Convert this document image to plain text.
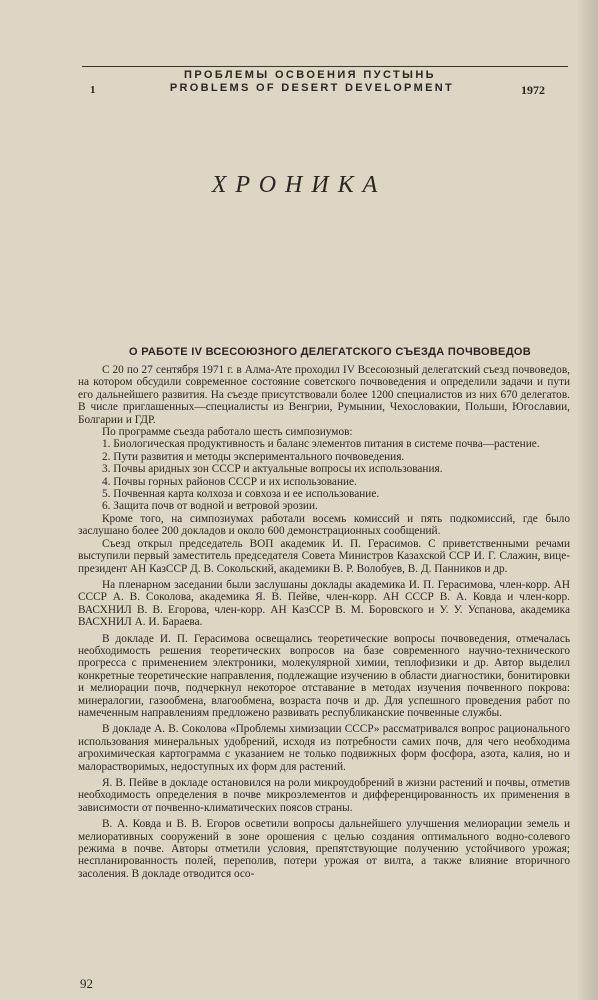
1
ПРОБЛЕМЫ ОСВОЕНИЯ ПУСТЫНЬ
PROBLEMS OF DESERT DEVELOPMENT	1972
ХРОНИКА
О РАБОТЕ IV ВСЕСОЮЗНОГО ДЕЛЕГАТСКОГО СЪЕЗДА ПОЧВОВЕДОВ

С 20 по 27 сентября 1971 г. в Алма-Ате проходил IV Всесоюзный делегатский съезд почвоведов, на котором обсудили современное состояние советского почвоведения и определили задачи и пути его дальнейшего развития. На съезде присутствовали более 1200 специалистов из них 670 делегатов. В числе приглашенных—специалисты из Венгрии, Румынии, Чехословакии, Польши, Югославии, Болгарии и ГДР.

По программе съезда работало шесть симпозиумов:

1. Биологическая продуктивность и баланс элементов питания в системе почва—растение.

2. Пути развития и методы экспериментального почвоведения.

3. Почвы аридных зон СССР и актуальные вопросы их использования.

4. Почвы горных районов СССР и их использование.

5. Почвенная карта колхоза и совхоза и ее использование.

6. Защита почв от водной и ветровой эрозии.

Кроме того, на симпозиумах работали восемь комиссий и пять подкомиссий, где было заслушано более 200 докладов и около 600 демонстрационных сообщений.

Съезд открыл председатель ВОП академик И. П. Герасимов. С приветственными речами выступили первый заместитель председателя Совета Министров Казахской ССР И. Г. Слажин, вице-президент АН КазССР Д. В. Сокольский, академики В. Р. Волобуев, В. Д. Панников и др.

На пленарном заседании были заслушаны доклады академика И. П. Герасимова, член-корр. АН СССР А. В. Соколова, академика Я. В. Пейве, член-корр. АН СССР В. А. Ковда и член-корр. ВАСХНИЛ В. В. Егорова, член-корр. АН КазССР В. М. Боровского и У. У. Успанова, академика ВАСХНИЛ А. И. Бараева.

В докладе И. П. Герасимова освещались теоретические вопросы почвоведения, отмечалась необходимость решения теоретических вопросов на базе современного научно-технического прогресса с применением электроники, молекулярной химии, теплофизики и др. Автор выделил конкретные теоретические направления, подлежащие изучению в области диагностики, бонитировки и мелиорации почв, подчеркнул некоторое отставание в методах изучения почвенного покрова: минералогии, газообмена, влагообмена, возраста почв и др. Для успешного проведения работ по намеченным направлениям предложено развивать республиканские почвенные службы.

В докладе А. В. Соколова «Проблемы химизации СССР» рассматривался вопрос рационального использования минеральных удобрений, исходя из потребности самих почв, для чего необходима агрохимическая картограмма с указанием не только подвижных форм фосфора, азота, калия, но и малорастворимых, недоступных их форм для растений.

Я. В. Пейве в докладе остановился на роли микроудобрений в жизни растений и почвы, отметив необходимость определения в почве микроэлементов и дифференцированность их применения в зависимости от почвенно-климатических поясов страны.

В. А. Ковда и В. В. Егоров осветили вопросы дальнейшего улучшения мелиорации земель и мелиоративных сооружений в зоне орошения с целью создания оптимального водно-солевого режима в почве. Авторы отметили условия, препятствующие получению устойчивого урожая; неспланированность полей, переполив, потери урожая от вилта, а также влияние вторичного засоления. В докладе отводится осо-

92
